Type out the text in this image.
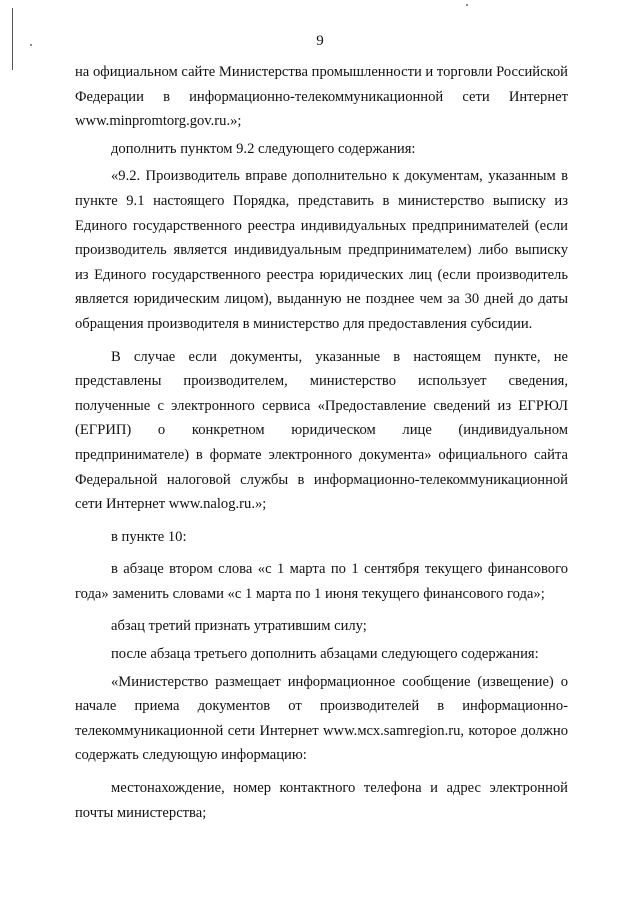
9

на официальном сайте Министерства промышленности и торговли Российской Федерации в информационно-телекоммуникационной сети Интернет www.minpromtorg.gov.ru.»;

дополнить пунктом 9.2 следующего содержания:

«9.2. Производитель вправе дополнительно к документам, указанным в пункте 9.1 настоящего Порядка, представить в министерство выписку из Единого государственного реестра индивидуальных предпринимателей (если производитель является индивидуальным предпринимателем) либо выписку из Единого государственного реестра юридических лиц (если производитель является юридическим лицом), выданную не позднее чем за 30 дней до даты обращения производителя в министерство для предоставления субсидии.

В случае если документы, указанные в настоящем пункте, не представлены производителем, министерство использует сведения, полученные с электронного сервиса «Предоставление сведений из ЕГРЮЛ (ЕГРИП) о конкретном юридическом лице (индивидуальном предпринимателе) в формате электронного документа» официального сайта Федеральной налоговой службы в информационно-телекоммуникационной сети Интернет www.nalog.ru.»;

в пункте 10:

в абзаце втором слова «с 1 марта по 1 сентября текущего финансового года» заменить словами «с 1 марта по 1 июня текущего финансового года»;

абзац третий признать утратившим силу;

после абзаца третьего дополнить абзацами следующего содержания:

«Министерство размещает информационное сообщение (извещение) о начале приема документов от производителей в информационно-телекоммуникационной сети Интернет www.мсх.samregion.ru, которое должно содержать следующую информацию:

местонахождение, номер контактного телефона и адрес электронной почты министерства;
